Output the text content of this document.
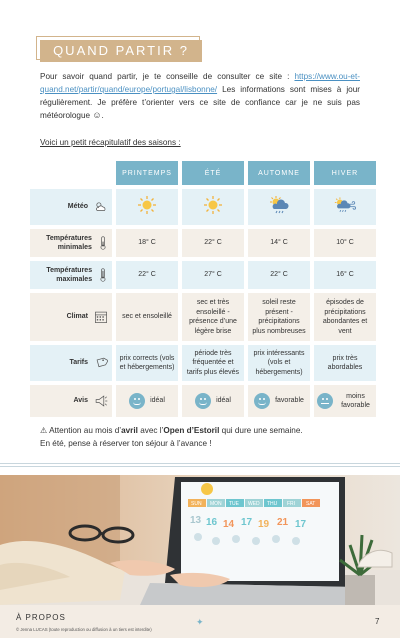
QUAND PARTIR ?

Pour savoir quand partir, je te conseille de consulter ce site : https://www.ou-et-quand.net/partir/quand/europe/portugal/lisbonne/ Les informations sont mises à jour régulièrement. Je préfère t’orienter vers ce site de confiance car je ne suis pas météorologue ☺.

Voici un petit récapitulatif des saisons :

	PRINTEMPS	ÉTÉ	AUTOMNE	HIVER

Météo

Températures minimales	18° C	22° C	14° C	10° C

Températures maximales	22° C	27° C	22° C	16° C

Climat	sec et ensoleillé	sec et très ensoleillé - présence d’une légère brise	soleil reste présent - précipitations plus nombreuses	épisodes de précipitations abondantes et vent

Tarifs	prix corrects (vols et hébergements)	période très fréquentée et tarifs plus élevés	prix intéressants (vols et hébergements)	prix très abordables

Avis	idéal	idéal	favorable	moins favorable

⚠ Attention au mois d’avril avec l’Open d’Estoril qui dure une semaine.

En été, pense à réserver ton séjour à l’avance !

SUN MON TUE WED THU FRI SAT
13 16 14 17 19 21 17
À PROPOS
© Jenna LUCAS (toute reproduction ou diffusion à un tiers est interdite)
✦	7
